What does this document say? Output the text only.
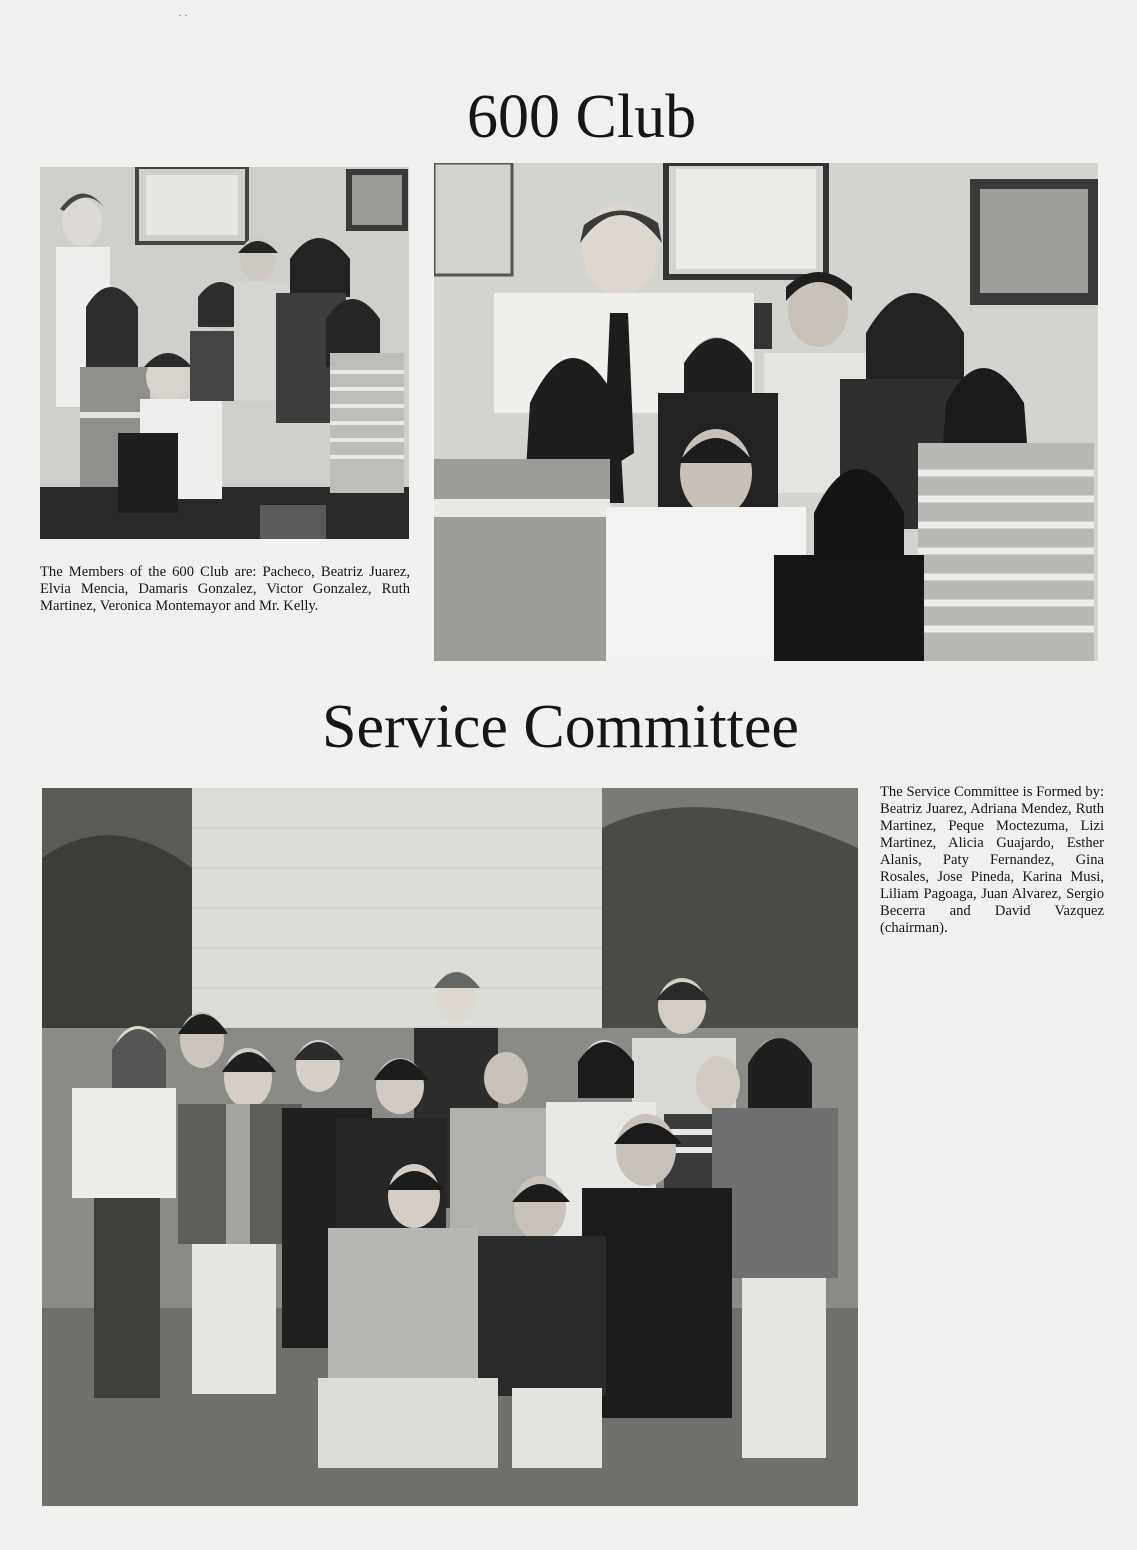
· ·
600 Club

The Members of the 600 Club are: Pacheco, Beatriz Juarez, Elvia Mencia, Damaris Gonzalez, Victor Gonzalez, Ruth Martinez, Veronica Montemayor and Mr. Kelly.

Service Committee

The Service Committee is Formed by: Beatriz Juarez, Adriana Mendez, Ruth Martinez, Peque Moctezuma, Lizi Martinez, Alicia Guajardo, Esther Alanis, Paty Fernandez, Gina Rosales, Jose Pineda, Karina Musi, Liliam Pagoaga, Juan Alvarez, Sergio Becerra and David Vazquez (chairman).
